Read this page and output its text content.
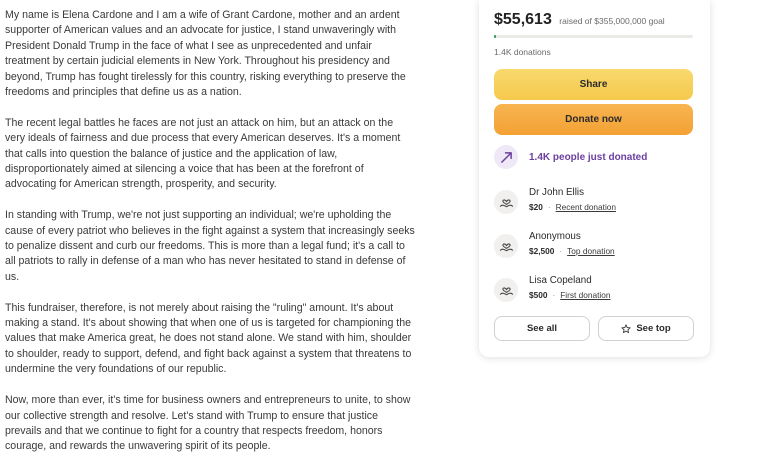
My name is Elena Cardone and I am a wife of Grant Cardone, mother and an ardent supporter of American values and an advocate for justice, I stand unwaveringly with President Donald Trump in the face of what I see as unprecedented and unfair treatment by certain judicial elements in New York. Throughout his presidency and beyond, Trump has fought tirelessly for this country, risking everything to preserve the freedoms and principles that define us as a nation.

The recent legal battles he faces are not just an attack on him, but an attack on the very ideals of fairness and due process that every American deserves. It's a moment that calls into question the balance of justice and the application of law, disproportionately aimed at silencing a voice that has been at the forefront of advocating for American strength, prosperity, and security.

In standing with Trump, we're not just supporting an individual; we're upholding the cause of every patriot who believes in the fight against a system that increasingly seeks to penalize dissent and curb our freedoms. This is more than a legal fund; it's a call to all patriots to rally in defense of a man who has never hesitated to stand in defense of us.

This fundraiser, therefore, is not merely about raising the "ruling" amount. It's about making a stand. It's about showing that when one of us is targeted for championing the values that make America great, he does not stand alone. We stand with him, shoulder to shoulder, ready to support, defend, and fight back against a system that threatens to undermine the very foundations of our republic.

Now, more than ever, it's time for business owners and entrepreneurs to unite, to show our collective strength and resolve. Let's stand with Trump to ensure that justice prevails and that we continue to fight for a country that respects freedom, honors courage, and rewards the unwavering spirit of its people.

$55,613 raised of $355,000,000 goal
1.4K donations
Share
Donate now
1.4K people just donated
Dr John Ellis
$20 · Recent donation
Anonymous
$2,500 · Top donation
Lisa Copeland
$500 · First donation
See all	See top
